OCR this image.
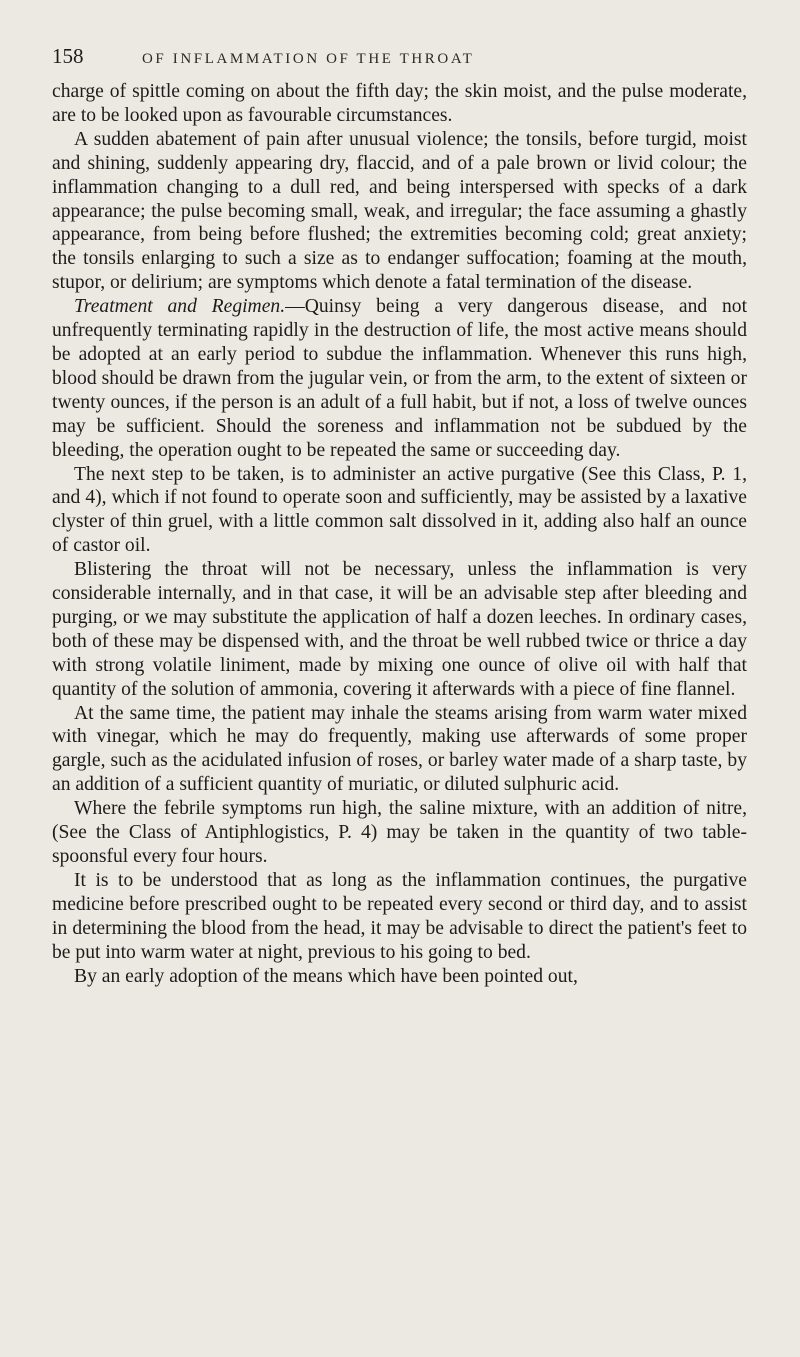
158	OF INFLAMMATION OF THE THROAT

charge of spittle coming on about the fifth day; the skin moist, and the pulse moderate, are to be looked upon as favourable circumstances.

A sudden abatement of pain after unusual violence; the tonsils, before turgid, moist and shining, suddenly appearing dry, flaccid, and of a pale brown or livid colour; the inflammation changing to a dull red, and being interspersed with specks of a dark appearance; the pulse becoming small, weak, and irregular; the face assuming a ghastly appearance, from being before flushed; the extremities becoming cold; great anxiety; the tonsils enlarging to such a size as to endanger suffocation; foaming at the mouth, stupor, or delirium; are symptoms which denote a fatal termination of the disease.

Treatment and Regimen.—Quinsy being a very dangerous disease, and not unfrequently terminating rapidly in the destruction of life, the most active means should be adopted at an early period to subdue the inflammation. Whenever this runs high, blood should be drawn from the jugular vein, or from the arm, to the extent of sixteen or twenty ounces, if the person is an adult of a full habit, but if not, a loss of twelve ounces may be sufficient. Should the soreness and inflammation not be subdued by the bleeding, the operation ought to be repeated the same or succeeding day.

The next step to be taken, is to administer an active purgative (See this Class, P. 1, and 4), which if not found to operate soon and sufficiently, may be assisted by a laxative clyster of thin gruel, with a little common salt dissolved in it, adding also half an ounce of castor oil.

Blistering the throat will not be necessary, unless the inflammation is very considerable internally, and in that case, it will be an advisable step after bleeding and purging, or we may substitute the application of half a dozen leeches. In ordinary cases, both of these may be dispensed with, and the throat be well rubbed twice or thrice a day with strong volatile liniment, made by mixing one ounce of olive oil with half that quantity of the solution of ammonia, covering it afterwards with a piece of fine flannel.

At the same time, the patient may inhale the steams arising from warm water mixed with vinegar, which he may do frequently, making use afterwards of some proper gargle, such as the acidulated infusion of roses, or barley water made of a sharp taste, by an addition of a sufficient quantity of muriatic, or diluted sulphuric acid.

Where the febrile symptoms run high, the saline mixture, with an addition of nitre, (See the Class of Antiphlogistics, P. 4) may be taken in the quantity of two table-spoonsful every four hours.

It is to be understood that as long as the inflammation continues, the purgative medicine before prescribed ought to be repeated every second or third day, and to assist in determining the blood from the head, it may be advisable to direct the patient's feet to be put into warm water at night, previous to his going to bed.

By an early adoption of the means which have been pointed out,
